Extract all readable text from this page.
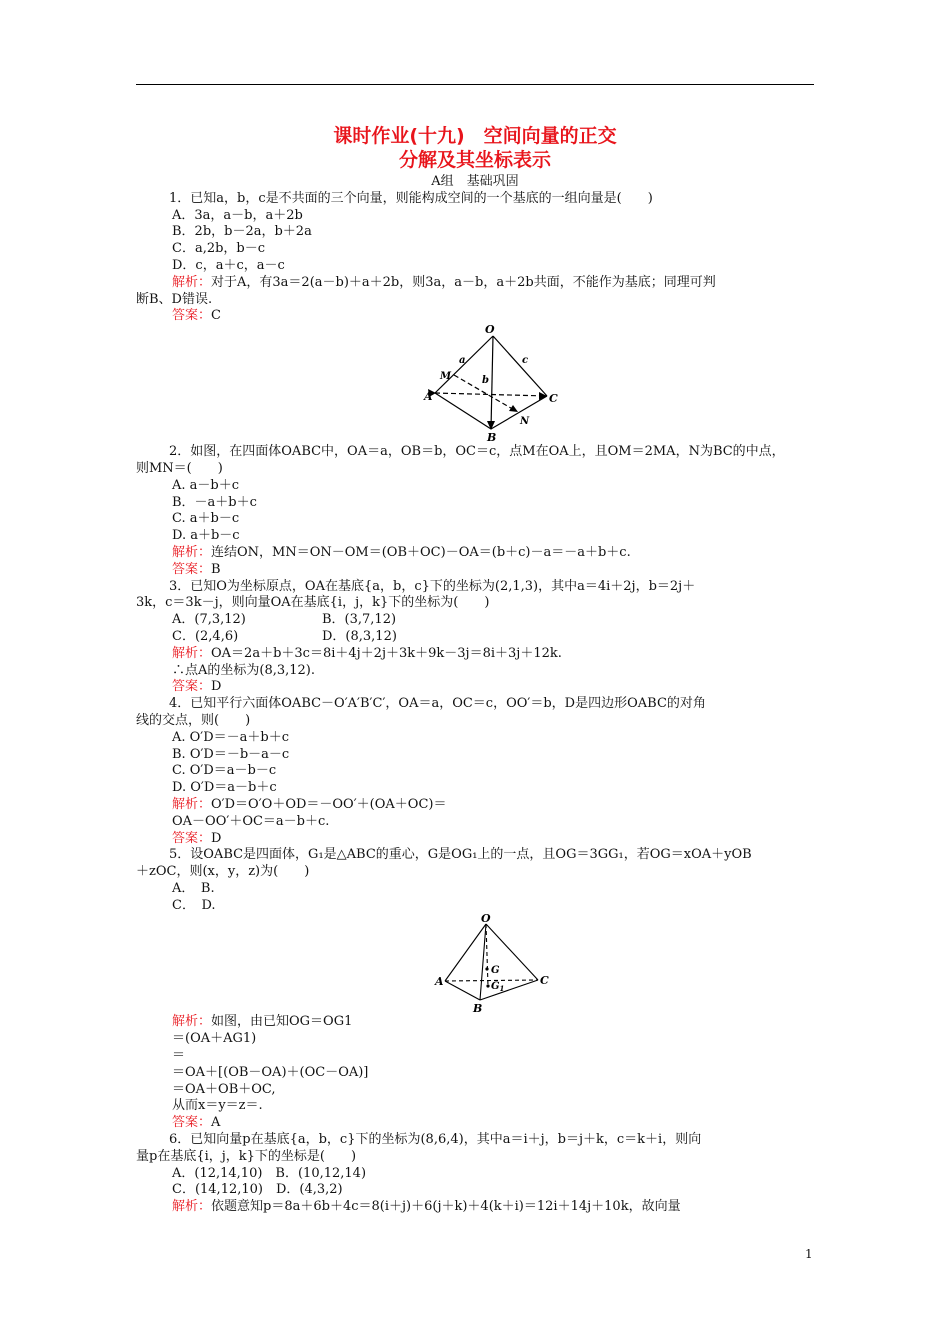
课时作业(十九)　空间向量的正交
分解及其坐标表示
A组　基础巩固
1．已知a，b，c是不共面的三个向量，则能构成空间的一个基底的一组向量是(　　)
A．3a，a－b，a＋2b
B．2b，b－2a，b＋2a
C．a,2b，b－c
D．c，a＋c，a－c
解析：对于A，有3a＝2(a－b)＋a＋2b，则3a，a－b，a＋2b共面，不能作为基底；同理可判
断B、D错误.
答案：C
O
a	c
b
M
A	C
N
B
2．如图，在四面体OABC中，OA＝a，OB＝b，OC＝c，点M在OA上，且OM＝2MA，N为BC的中点，
则MN＝(　　)
A. a－b＋c
B．－a＋b＋c
C. a＋b－c
D. a＋b－c
解析：连结ON，MN＝ON－OM＝(OB＋OC)－OA＝(b＋c)－a＝－a＋b＋c.
答案：B
3．已知O为坐标原点，OA在基底{a，b，c}下的坐标为(2,1,3)，其中a＝4i＋2j，b＝2j＋
3k，c＝3k－j，则向量OA在基底{i，j，k}下的坐标为(　　)
A．(7,3,12)	B．(3,7,12)
C．(2,4,6)	D．(8,3,12)
解析：OA＝2a＋b＋3c＝8i＋4j＋2j＋3k＋9k－3j＝8i＋3j＋12k.
∴点A的坐标为(8,3,12).
答案：D
4．已知平行六面体OABC－O′A′B′C′，OA＝a，OC＝c，OO′＝b，D是四边形OABC的对角
线的交点，则(　　)
A. O′D＝－a＋b＋c
B. O′D＝－b－a－c
C. O′D＝a－b－c
D. O′D＝a－b＋c
解析：O′D＝O′O＋OD＝－OO′＋(OA＋OC)＝
OA－OO′＋OC＝a－b＋c.
答案：D
5．设OABC是四面体，G₁是△ABC的重心，G是OG₁上的一点，且OG＝3GG₁，若OG＝xOA＋yOB
＋zOC，则(x，y，z)为(　　)
A．　B.
C．　D.
O
G
$G_1$
A	C
B
解析：如图，由已知OG＝OG1
＝(OA＋AG1)
＝
＝OA＋[(OB－OA)＋(OC－OA)]
＝OA＋OB＋OC,
从而x＝y＝z＝.
答案：A
6．已知向量p在基底{a，b，c}下的坐标为(8,6,4)，其中a＝i＋j，b＝j＋k，c＝k＋i，则向
量p在基底{i，j，k}下的坐标是(　　)
A．(12,14,10)　B．(10,12,14)
C．(14,12,10)　D．(4,3,2)
解析：依题意知p＝8a＋6b＋4c＝8(i＋j)＋6(j＋k)＋4(k＋i)＝12i＋14j＋10k，故向量
1
